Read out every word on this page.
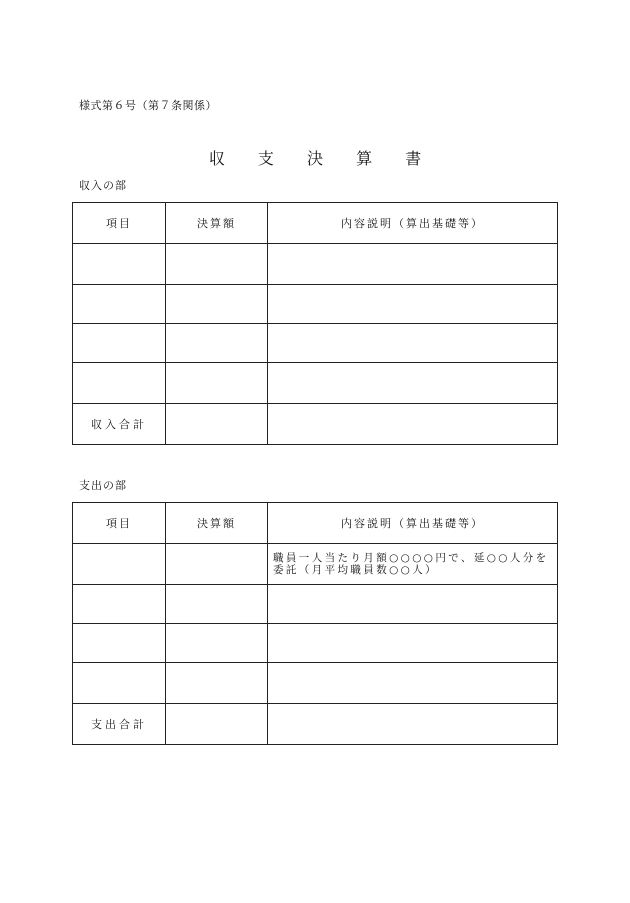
様式第６号（第７条関係）
収 支 決 算 書
収入の部
項目	決算額	内容説明（算出基礎等）

収入合計		
支出の部
項目	決算額	内容説明（算出基礎等）
		職員一人当たり月額○○○○円で、延○○人分を委託（月平均職員数○○人）

支出合計		
